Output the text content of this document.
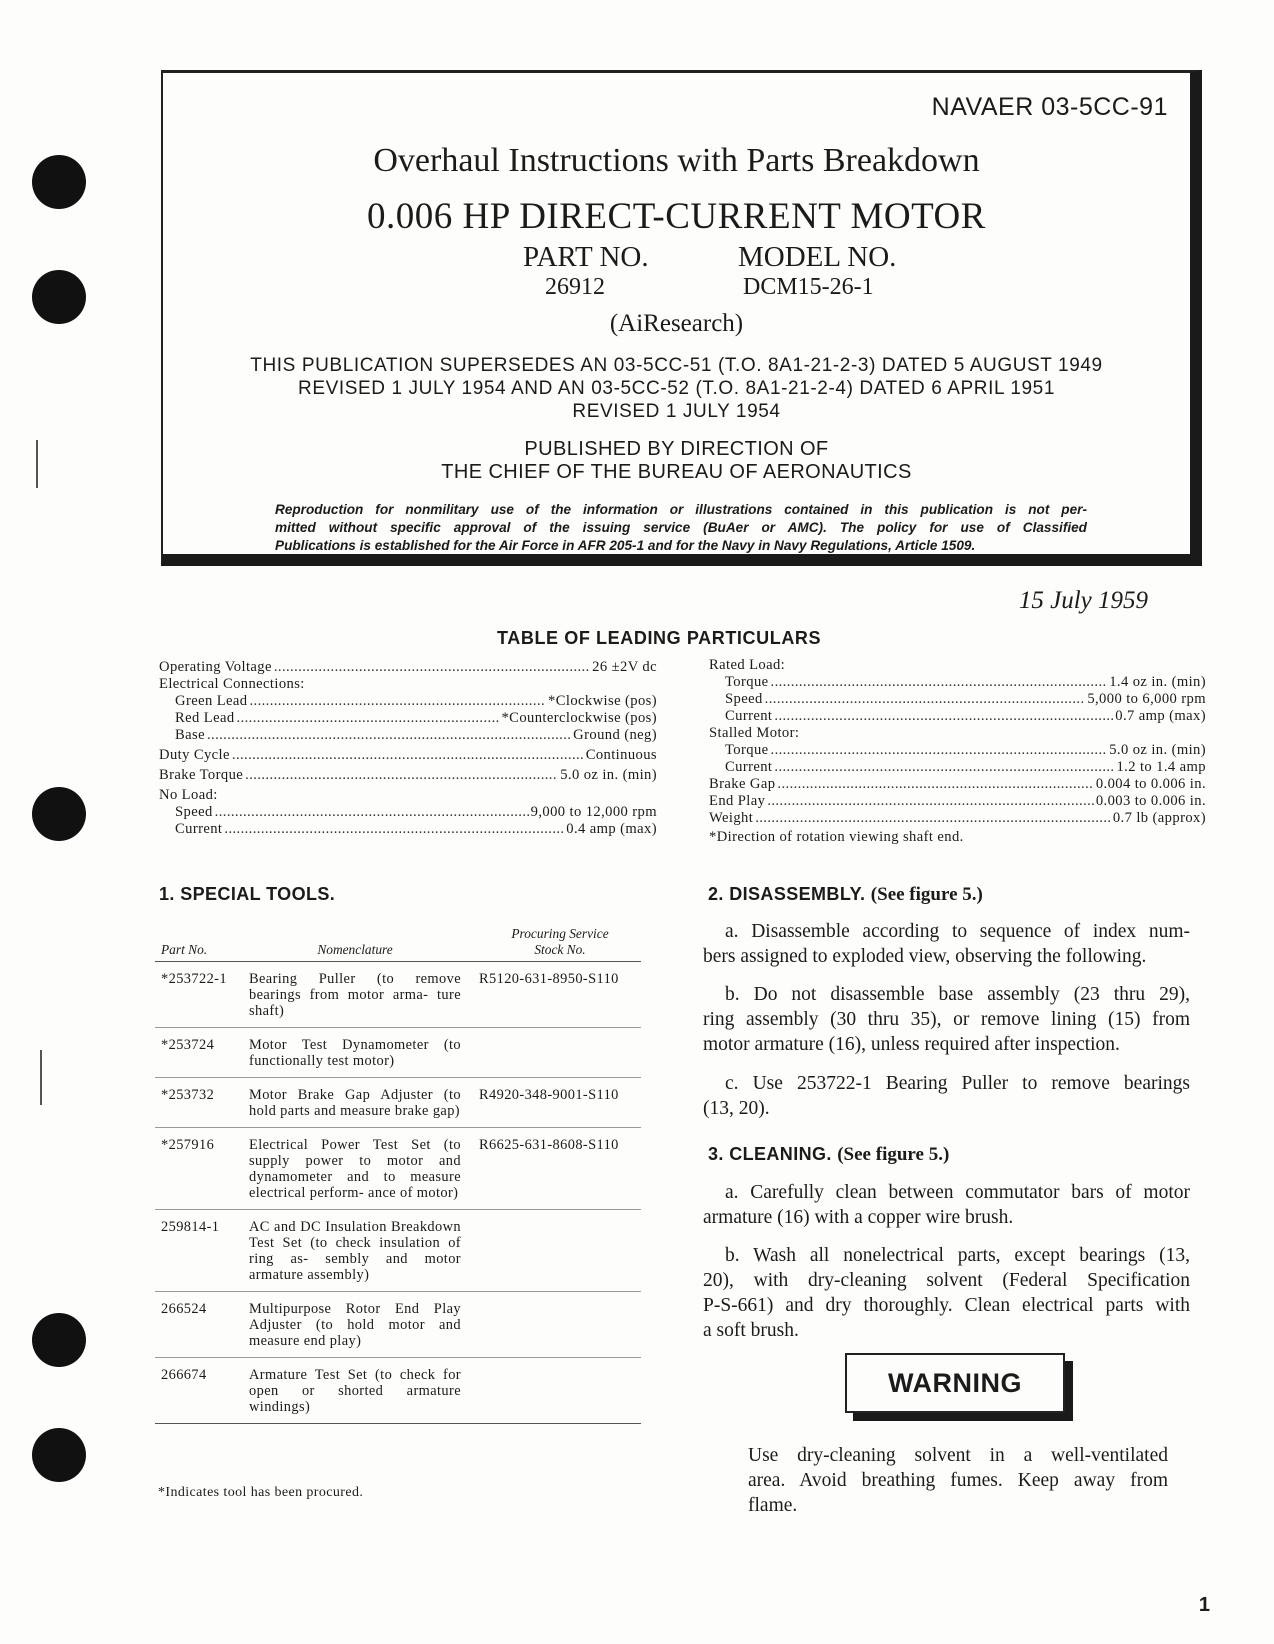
NAVAER 03-5CC-91
Overhaul Instructions with Parts Breakdown
0.006 HP DIRECT-CURRENT MOTOR
PART NO.	MODEL NO.
26912	DCM15-26-1
(AiResearch)
THIS PUBLICATION SUPERSEDES AN 03-5CC-51 (T.O. 8A1-21-2-3) DATED 5 AUGUST 1949
REVISED 1 JULY 1954 AND AN 03-5CC-52 (T.O. 8A1-21-2-4) DATED 6 APRIL 1951
REVISED 1 JULY 1954
PUBLISHED BY DIRECTION OF
THE CHIEF OF THE BUREAU OF AERONAUTICS
Reproduction for nonmilitary use of the information or illustrations contained in this publication is not per-
mitted without specific approval of the issuing service (BuAer or AMC). The policy for use of Classified
Publications is established for the Air Force in AFR 205-1 and for the Navy in Navy Regulations, Article 1509.
15 July 1959
TABLE OF LEADING PARTICULARS
Operating Voltage .....	26 ±2V dc
Electrical Connections:
Green Lead .....	*Clockwise (pos)
Red Lead .....	*Counterclockwise (pos)
Base .....	Ground (neg)
Duty Cycle .....	Continuous
Brake Torque .....	5.0 oz in. (min)
No Load:
Speed .....	9,000 to 12,000 rpm
Current .....	0.4 amp (max)
Rated Load:
Torque .....	1.4 oz in. (min)
Speed .....	5,000 to 6,000 rpm
Current .....	0.7 amp (max)
Stalled Motor:
Torque .....	5.0 oz in. (min)
Current .....	1.2 to 1.4 amp
Brake Gap .....	0.004 to 0.006 in.
End Play .....	0.003 to 0.006 in.
Weight .....	0.7 lb (approx)
*Direction of rotation viewing shaft end.
1. SPECIAL TOOLS.
Part No.	Nomenclature	Procuring Service
Stock No.

*253722-1	Bearing Puller (to remove bearings from motor arma- ture shaft)	R5120-631-8950-S110
*253724	Motor Test Dynamometer (to functionally test motor)	
*253732	Motor Brake Gap Adjuster (to hold parts and measure brake gap)	R4920-348-9001-S110
*257916	Electrical Power Test Set (to supply power to motor and dynamometer and to measure electrical perform- ance of motor)	R6625-631-8608-S110
259814-1	AC and DC Insulation Breakdown Test Set (to check insulation of ring as- sembly and motor armature assembly)	
266524	Multipurpose Rotor End Play Adjuster (to hold motor and measure end play)	
266674	Armature Test Set (to check for open or shorted armature windings)	
*Indicates tool has been procured.
2. DISASSEMBLY. (See figure 5.)
a. Disassemble according to sequence of index num-
bers assigned to exploded view, observing the following.
b. Do not disassemble base assembly (23 thru 29),
ring assembly (30 thru 35), or remove lining (15) from
motor armature (16), unless required after inspection.
c. Use 253722-1 Bearing Puller to remove bearings
(13, 20).
3. CLEANING. (See figure 5.)
a. Carefully clean between commutator bars of motor
armature (16) with a copper wire brush.
b. Wash all nonelectrical parts, except bearings (13,
20), with dry-cleaning solvent (Federal Specification
P-S-661) and dry thoroughly. Clean electrical parts with
a soft brush.
WARNING
Use dry-cleaning solvent in a well-ventilated
area. Avoid breathing fumes. Keep away from
flame.
1
